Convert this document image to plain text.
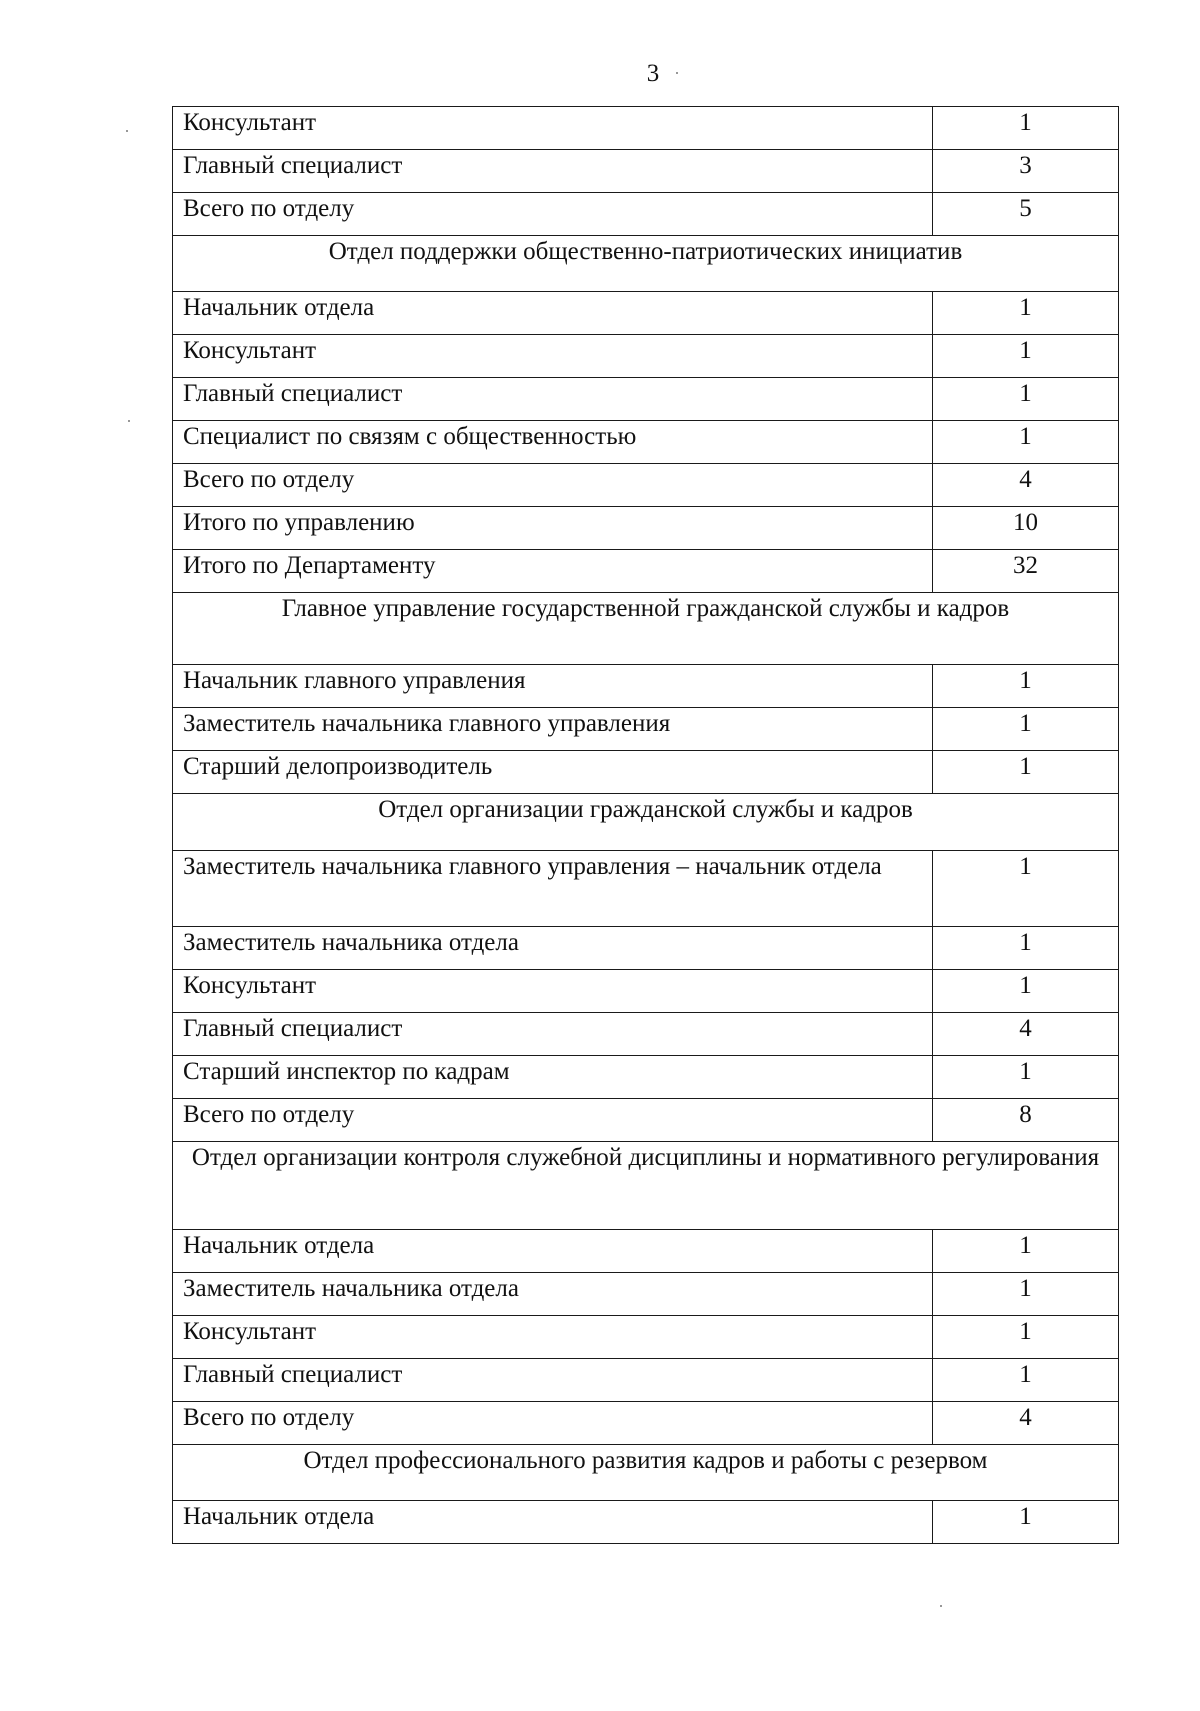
3
Консультант	1
Главный специалист	3
Всего по отделу	5
Отдел поддержки общественно-патриотических инициатив	
Начальник отдела	1
Консультант	1
Главный специалист	1
Специалист по связям с общественностью	1
Всего по отделу	4
Итого по управлению	10
Итого по Департаменту	32
Главное управление государственной гражданской службы и кадров	
Начальник главного управления	1
Заместитель начальника главного управления	1
Старший делопроизводитель	1
Отдел организации гражданской службы и кадров	
Заместитель начальника главного управления – начальник отдела	1
Заместитель начальника отдела	1
Консультант	1
Главный специалист	4
Старший инспектор по кадрам	1
Всего по отделу	8
Отдел организации контроля служебной дисциплины и нормативного регулирования	
Начальник отдела	1
Заместитель начальника отдела	1
Консультант	1
Главный специалист	1
Всего по отделу	4
Отдел профессионального развития кадров и работы с резервом	
Начальник отдела	1
